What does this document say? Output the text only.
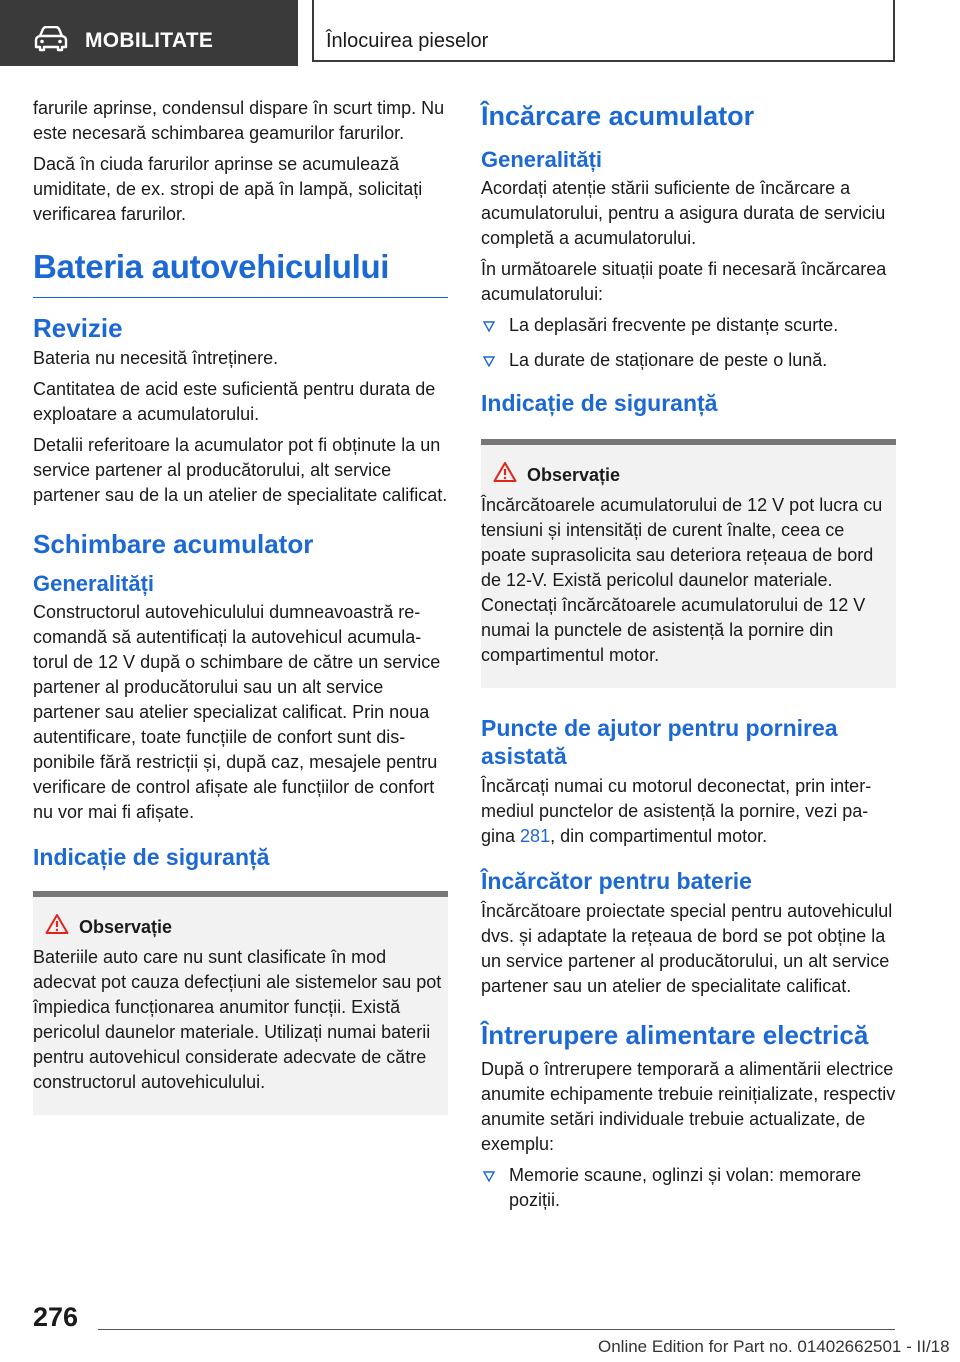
MOBILITATE	Înlocuirea pieselor

farurile aprinse, condensul dispare în scurt timp. Nu este necesară schimbarea geamurilor farurilor.

Dacă în ciuda farurilor aprinse se acumulează umiditate, de ex. stropi de apă în lampă, solicitați verificarea farurilor.

Bateria autovehiculului
Revizie

Bateria nu necesită întreținere.

Cantitatea de acid este suficientă pentru durata de exploatare a acumulatorului.

Detalii referitoare la acumulator pot fi obținute la un service partener al producătorului, alt service partener sau de la un atelier de specialitate calificat.

Schimbare acumulator
Generalități

Constructorul autovehiculului dumneavoastră recomandă să autentificați la autovehicul acumulatorul de 12 V după o schimbare de către un service partener al producătorului sau un alt service partener sau atelier specializat calificat. Prin noua autentificare, toate funcțiile de confort sunt disponibile fără restricții și, după caz, mesajele pentru verificare de control afișate ale funcțiilor de confort nu vor mai fi afișate.

Indicație de siguranță
Observație

Bateriile auto care nu sunt clasificate în mod adecvat pot cauza defecțiuni ale sistemelor sau pot împiedica funcționarea anumitor funcții. Există pericolul daunelor materiale. Utilizați numai baterii pentru autovehicul considerate adecvate de către constructorul autovehiculului.

Încărcare acumulator
Generalități

Acordați atenție stării suficiente de încărcare a acumulatorului, pentru a asigura durata de serviciu completă a acumulatorului.

În următoarele situații poate fi necesară încărcarea acumulatorului:

La deplasări frecvente pe distanțe scurte.
La durate de staționare de peste o lună.
Indicație de siguranță
Observație

Încărcătoarele acumulatorului de 12 V pot lucra cu tensiuni și intensități de curent înalte, ceea ce poate suprasolicita sau deteriora rețeaua de bord de 12-V. Există pericolul daunelor materiale. Conectați încărcătoarele acumulatorului de 12 V numai la punctele de asistență la pornire din compartimentul motor.

Puncte de ajutor pentru pornirea asistată

Încărcați numai cu motorul deconectat, prin intermediul punctelor de asistență la pornire, vezi pagina 281, din compartimentul motor.

Încărcător pentru baterie

Încărcătoare proiectate special pentru autovehiculul dvs. și adaptate la rețeaua de bord se pot obține la un service partener al producătorului, un alt service partener sau un atelier de specialitate calificat.

Întrerupere alimentare electrică

După o întrerupere temporară a alimentării electrice anumite echipamente trebuie reinițializate, respectiv anumite setări individuale trebuie actualizate, de exemplu:

Memorie scaune, oglinzi și volan: memorare poziții.
276
Online Edition for Part no. 01402662501 - II/18
